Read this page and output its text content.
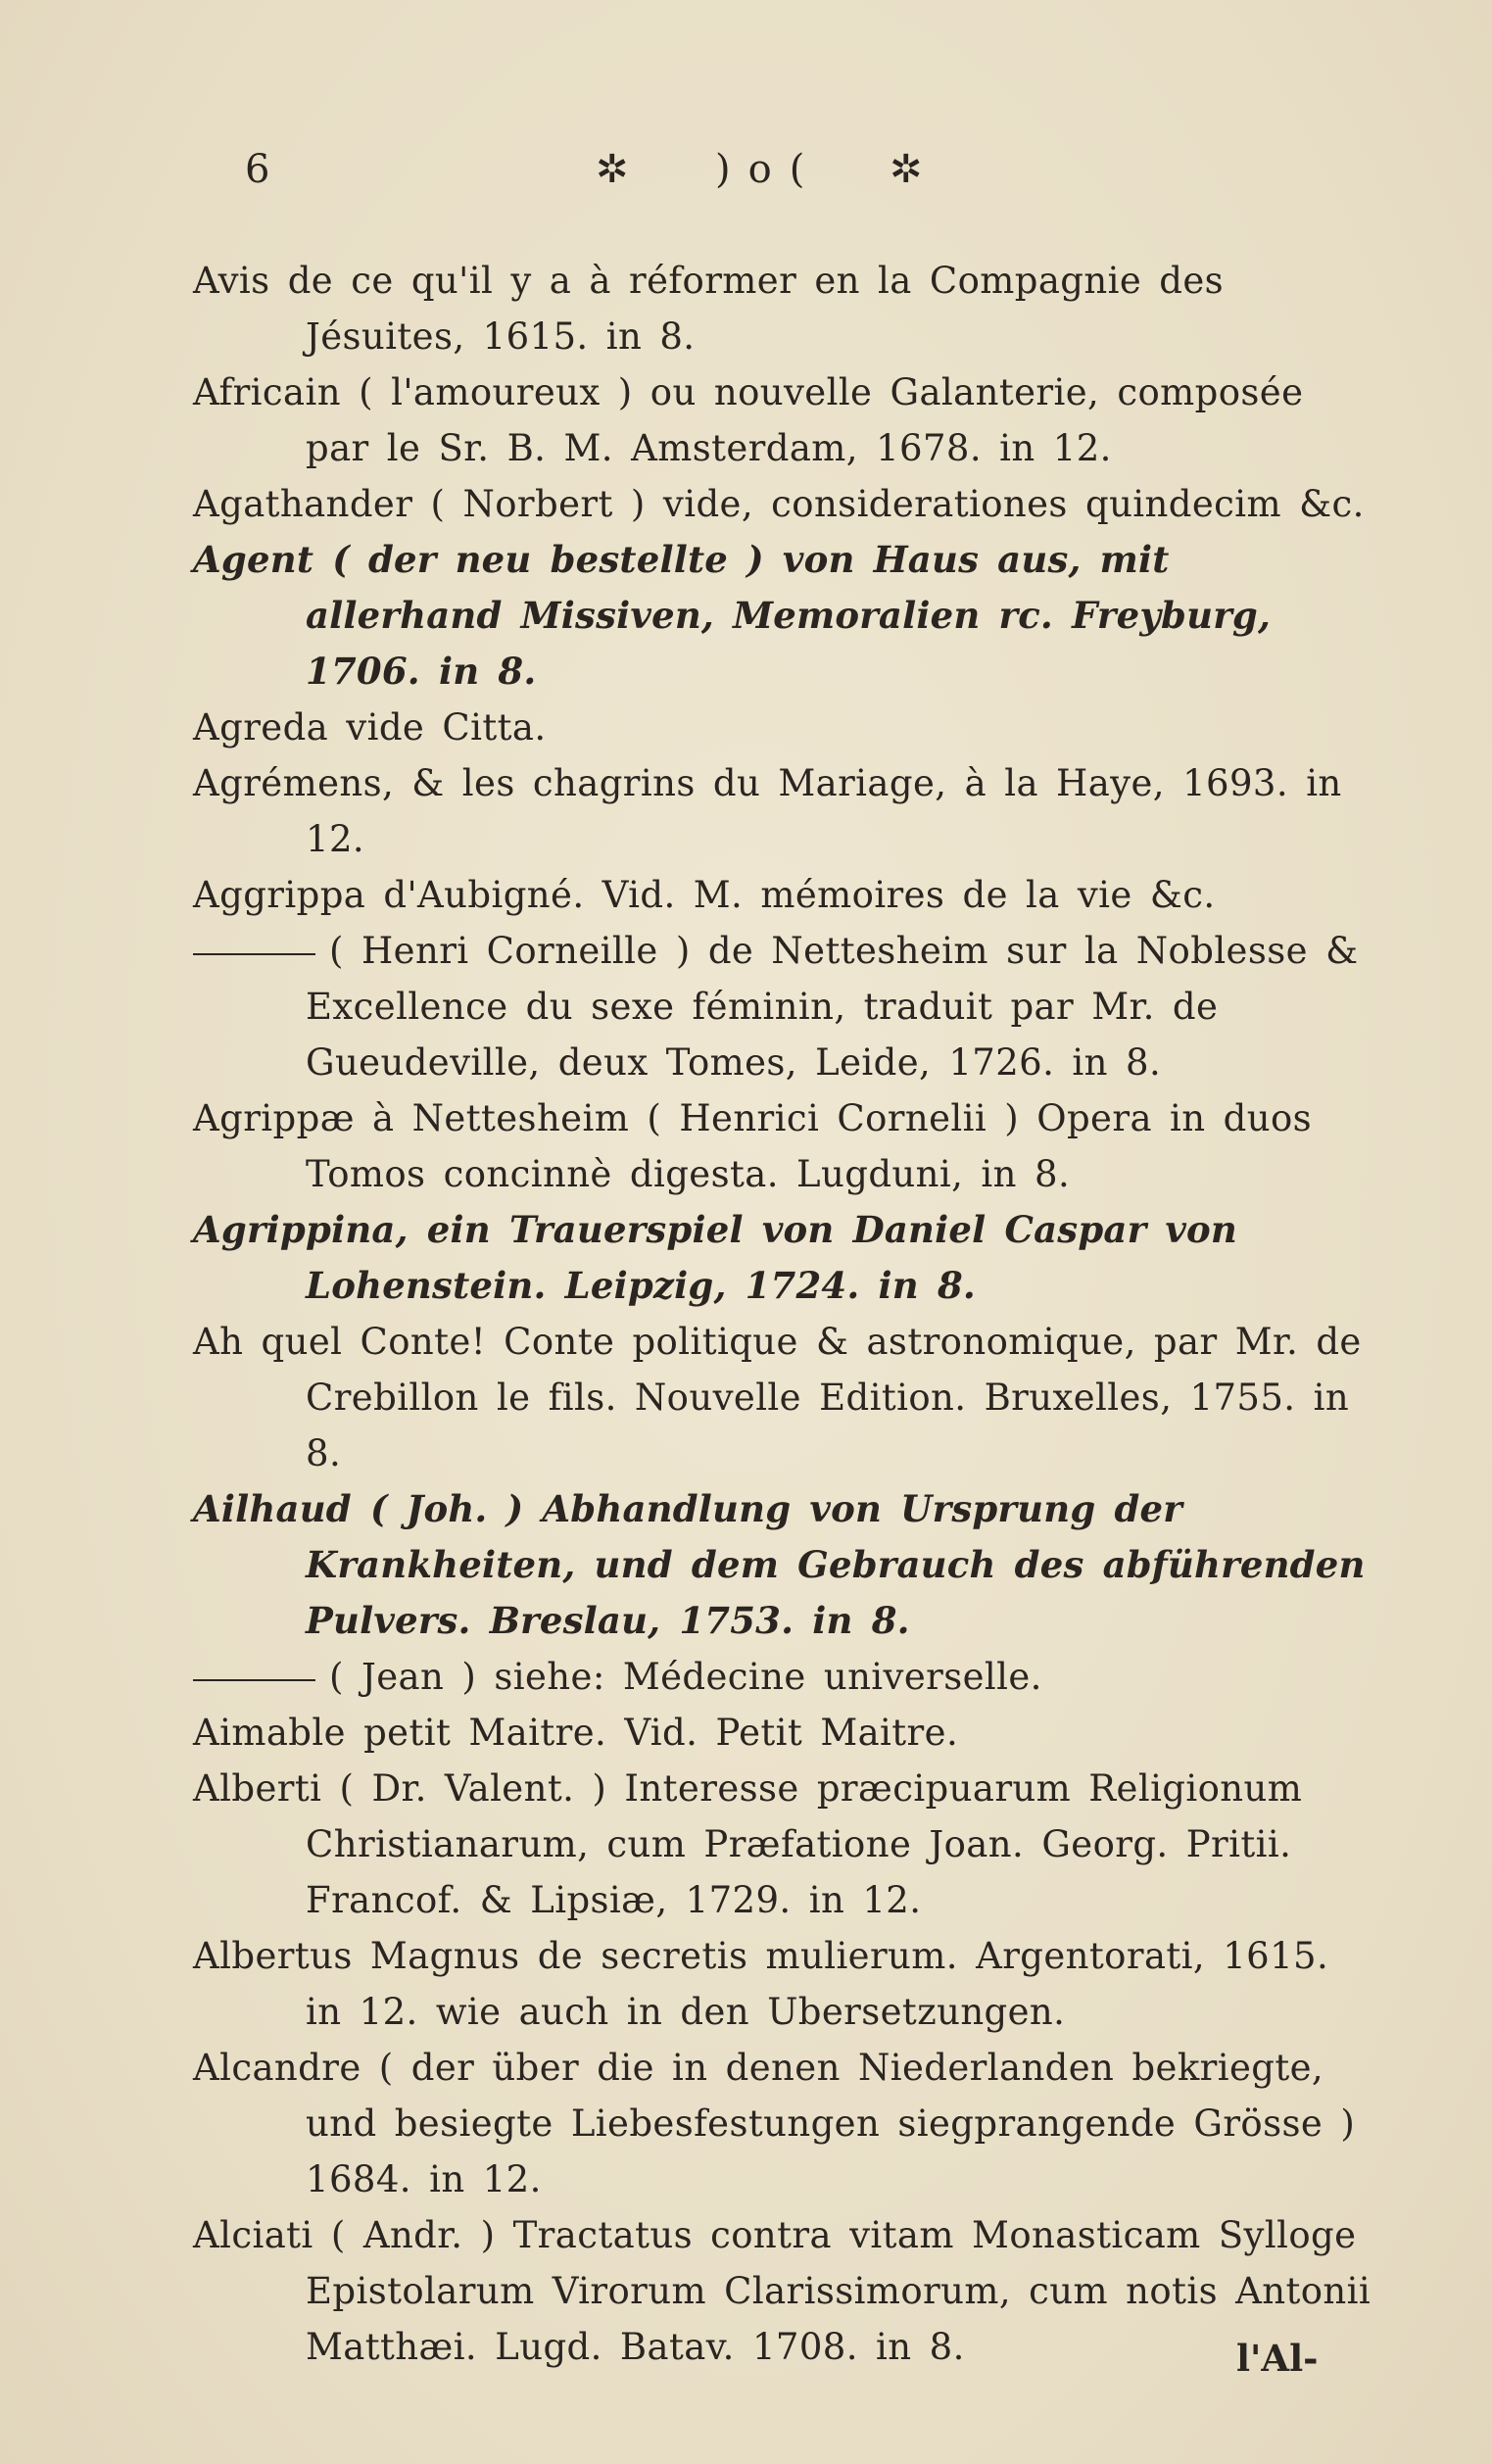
6	✲ )o( ✲
Avis de ce qu'il y a à réformer en la Compagnie des Jésuites, 1615. in 8.
Africain ( l'amoureux ) ou nouvelle Galanterie, composée par le Sr. B. M. Amsterdam, 1678. in 12.
Agathander ( Norbert ) vide, considerationes quindecim &c.
Agent ( der neu bestellte ) von Haus aus, mit allerhand Missiven, Memoralien rc. Freyburg, 1706. in 8.
Agreda vide Citta.
Agrémens, & les chagrins du Mariage, à la Haye, 1693. in 12.
Aggrippa d'Aubigné. Vid. M. mémoires de la vie &c.
( Henri Corneille ) de Nettesheim sur la Noblesse & Excellence du sexe féminin, traduit par Mr. de Gueudeville, deux Tomes, Leide, 1726. in 8.
Agrippæ à Nettesheim ( Henrici Cornelii ) Opera in duos Tomos concinnè digesta. Lugduni, in 8.
Agrippina, ein Trauerspiel von Daniel Caspar von Lohenstein. Leipzig, 1724. in 8.
Ah quel Conte! Conte politique & astronomique, par Mr. de Crebillon le fils. Nouvelle Edition. Bruxelles, 1755. in 8.
Ailhaud ( Joh. ) Abhandlung von Ursprung der Krankheiten, und dem Gebrauch des abführenden Pulvers. Breslau, 1753. in 8.
( Jean ) siehe: Médecine universelle.
Aimable petit Maitre. Vid. Petit Maitre.
Alberti ( Dr. Valent. ) Interesse præcipuarum Religionum Christianarum, cum Præfatione Joan. Georg. Pritii. Francof. & Lipsiæ, 1729. in 12.
Albertus Magnus de secretis mulierum. Argentorati, 1615. in 12. wie auch in den Ubersetzungen.
Alcandre ( der über die in denen Niederlanden bekriegte, und besiegte Liebesfestungen siegprangende Grösse ) 1684. in 12.
Alciati ( Andr. ) Tractatus contra vitam Monasticam Sylloge Epistolarum Virorum Clarissimorum, cum notis Antonii Matthæi. Lugd. Batav. 1708. in 8.	l'Al-
